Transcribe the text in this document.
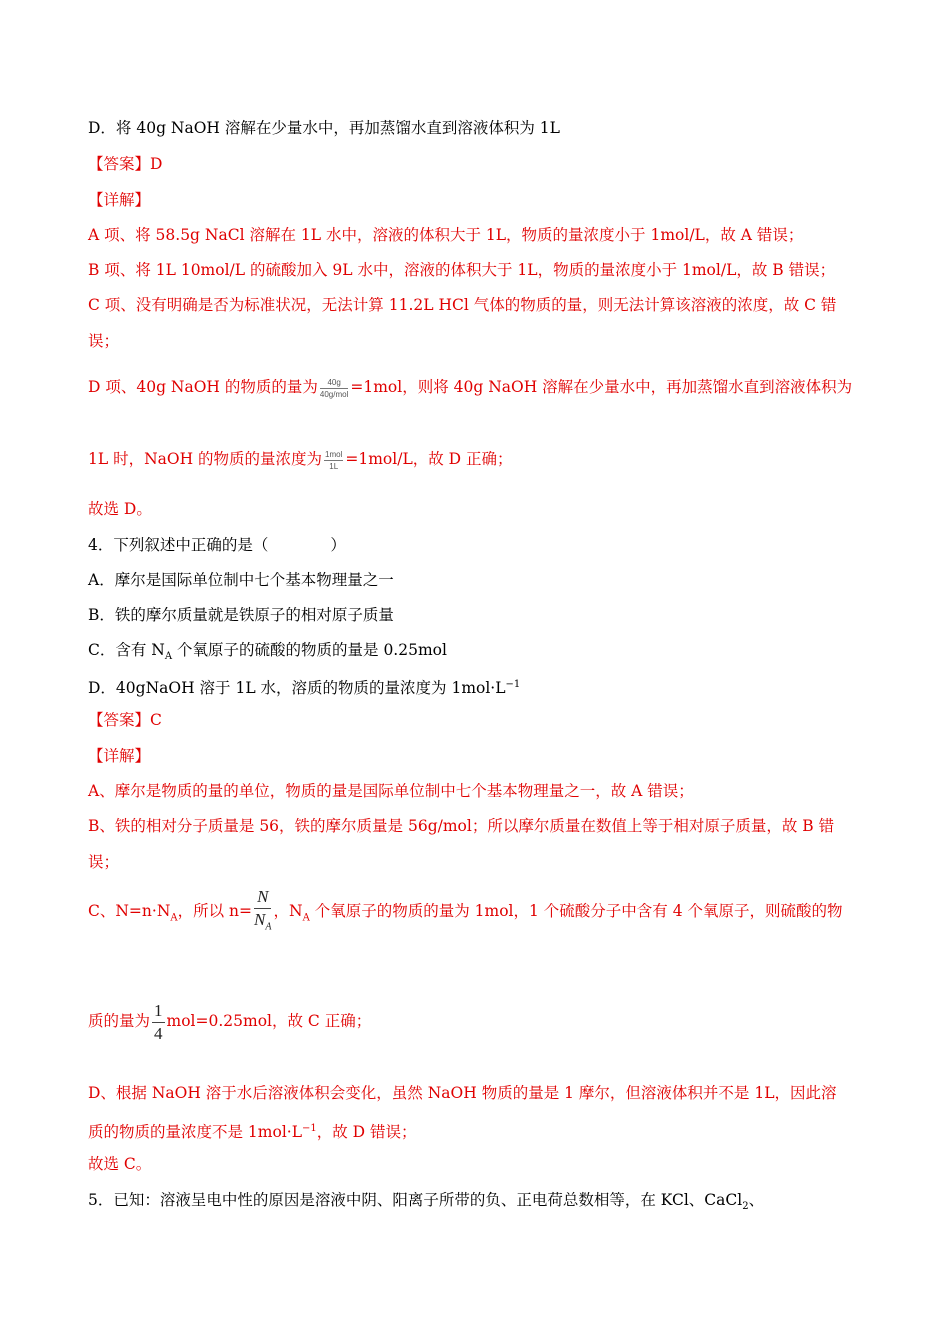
D．将 40g NaOH 溶解在少量水中，再加蒸馏水直到溶液体积为 1L
【答案】D
【详解】
A 项、将 58.5g NaCl 溶解在 1L 水中，溶液的体积大于 1L，物质的量浓度小于 1mol/L，故 A 错误；
B 项、将 1L 10mol/L 的硫酸加入 9L 水中，溶液的体积大于 1L，物质的量浓度小于 1mol/L，故 B 错误；
C 项、没有明确是否为标准状况，无法计算 11.2L HCl 气体的物质的量，则无法计算该溶液的浓度，故 C 错
误；
D 项、40g NaOH 的物质的量为 $\frac{40g}{\text{40g/mol}} =1mol$，则将 40g NaOH 溶解在少量水中，再加蒸馏水直到溶液体积为
1L 时，NaOH 的物质的量浓度为 $\frac{\text{1mol}}{1L} =1mol/L$，故 D 正确；
故选 D。
4．下列叙述中正确的是（　　　　）
A．摩尔是国际单位制中七个基本物理量之一
B．铁的摩尔质量就是铁原子的相对原子质量
C．含有 $N_A$ 个氧原子的硫酸的物质的量是 0.25mol
D．40gNaOH 溶于 1L 水，溶质的物质的量浓度为 $1mol\cdot L^{-1}$
【答案】C
【详解】
A、摩尔是物质的量的单位，物质的量是国际单位制中七个基本物理量之一，故 A 错误；
B、铁的相对分子质量是 56，铁的摩尔质量是 56g/mol；所以摩尔质量在数值上等于相对原子质量，故 B 错
误；
C、$N=n\cdot N_A$，所以 $n= \frac{N}{N_A}$ ，$N_A$ 个氧原子的物质的量为 1mol，1 个硫酸分子中含有 4 个氧原子，则硫酸的物
质的量为 $\frac{1}{4} mol=0.25mol$，故 C 正确；
D、根据 NaOH 溶于水后溶液体积会变化，虽然 NaOH 物质的量是 1 摩尔，但溶液体积并不是 1L，因此溶
质的物质的量浓度不是 $1mol\cdot L^{-1}$，故 D 错误；
故选 C。
5．已知：溶液呈电中性的原因是溶液中阴、阳离子所带的负、正电荷总数相等，在 KCl、CaCl$_2$、
